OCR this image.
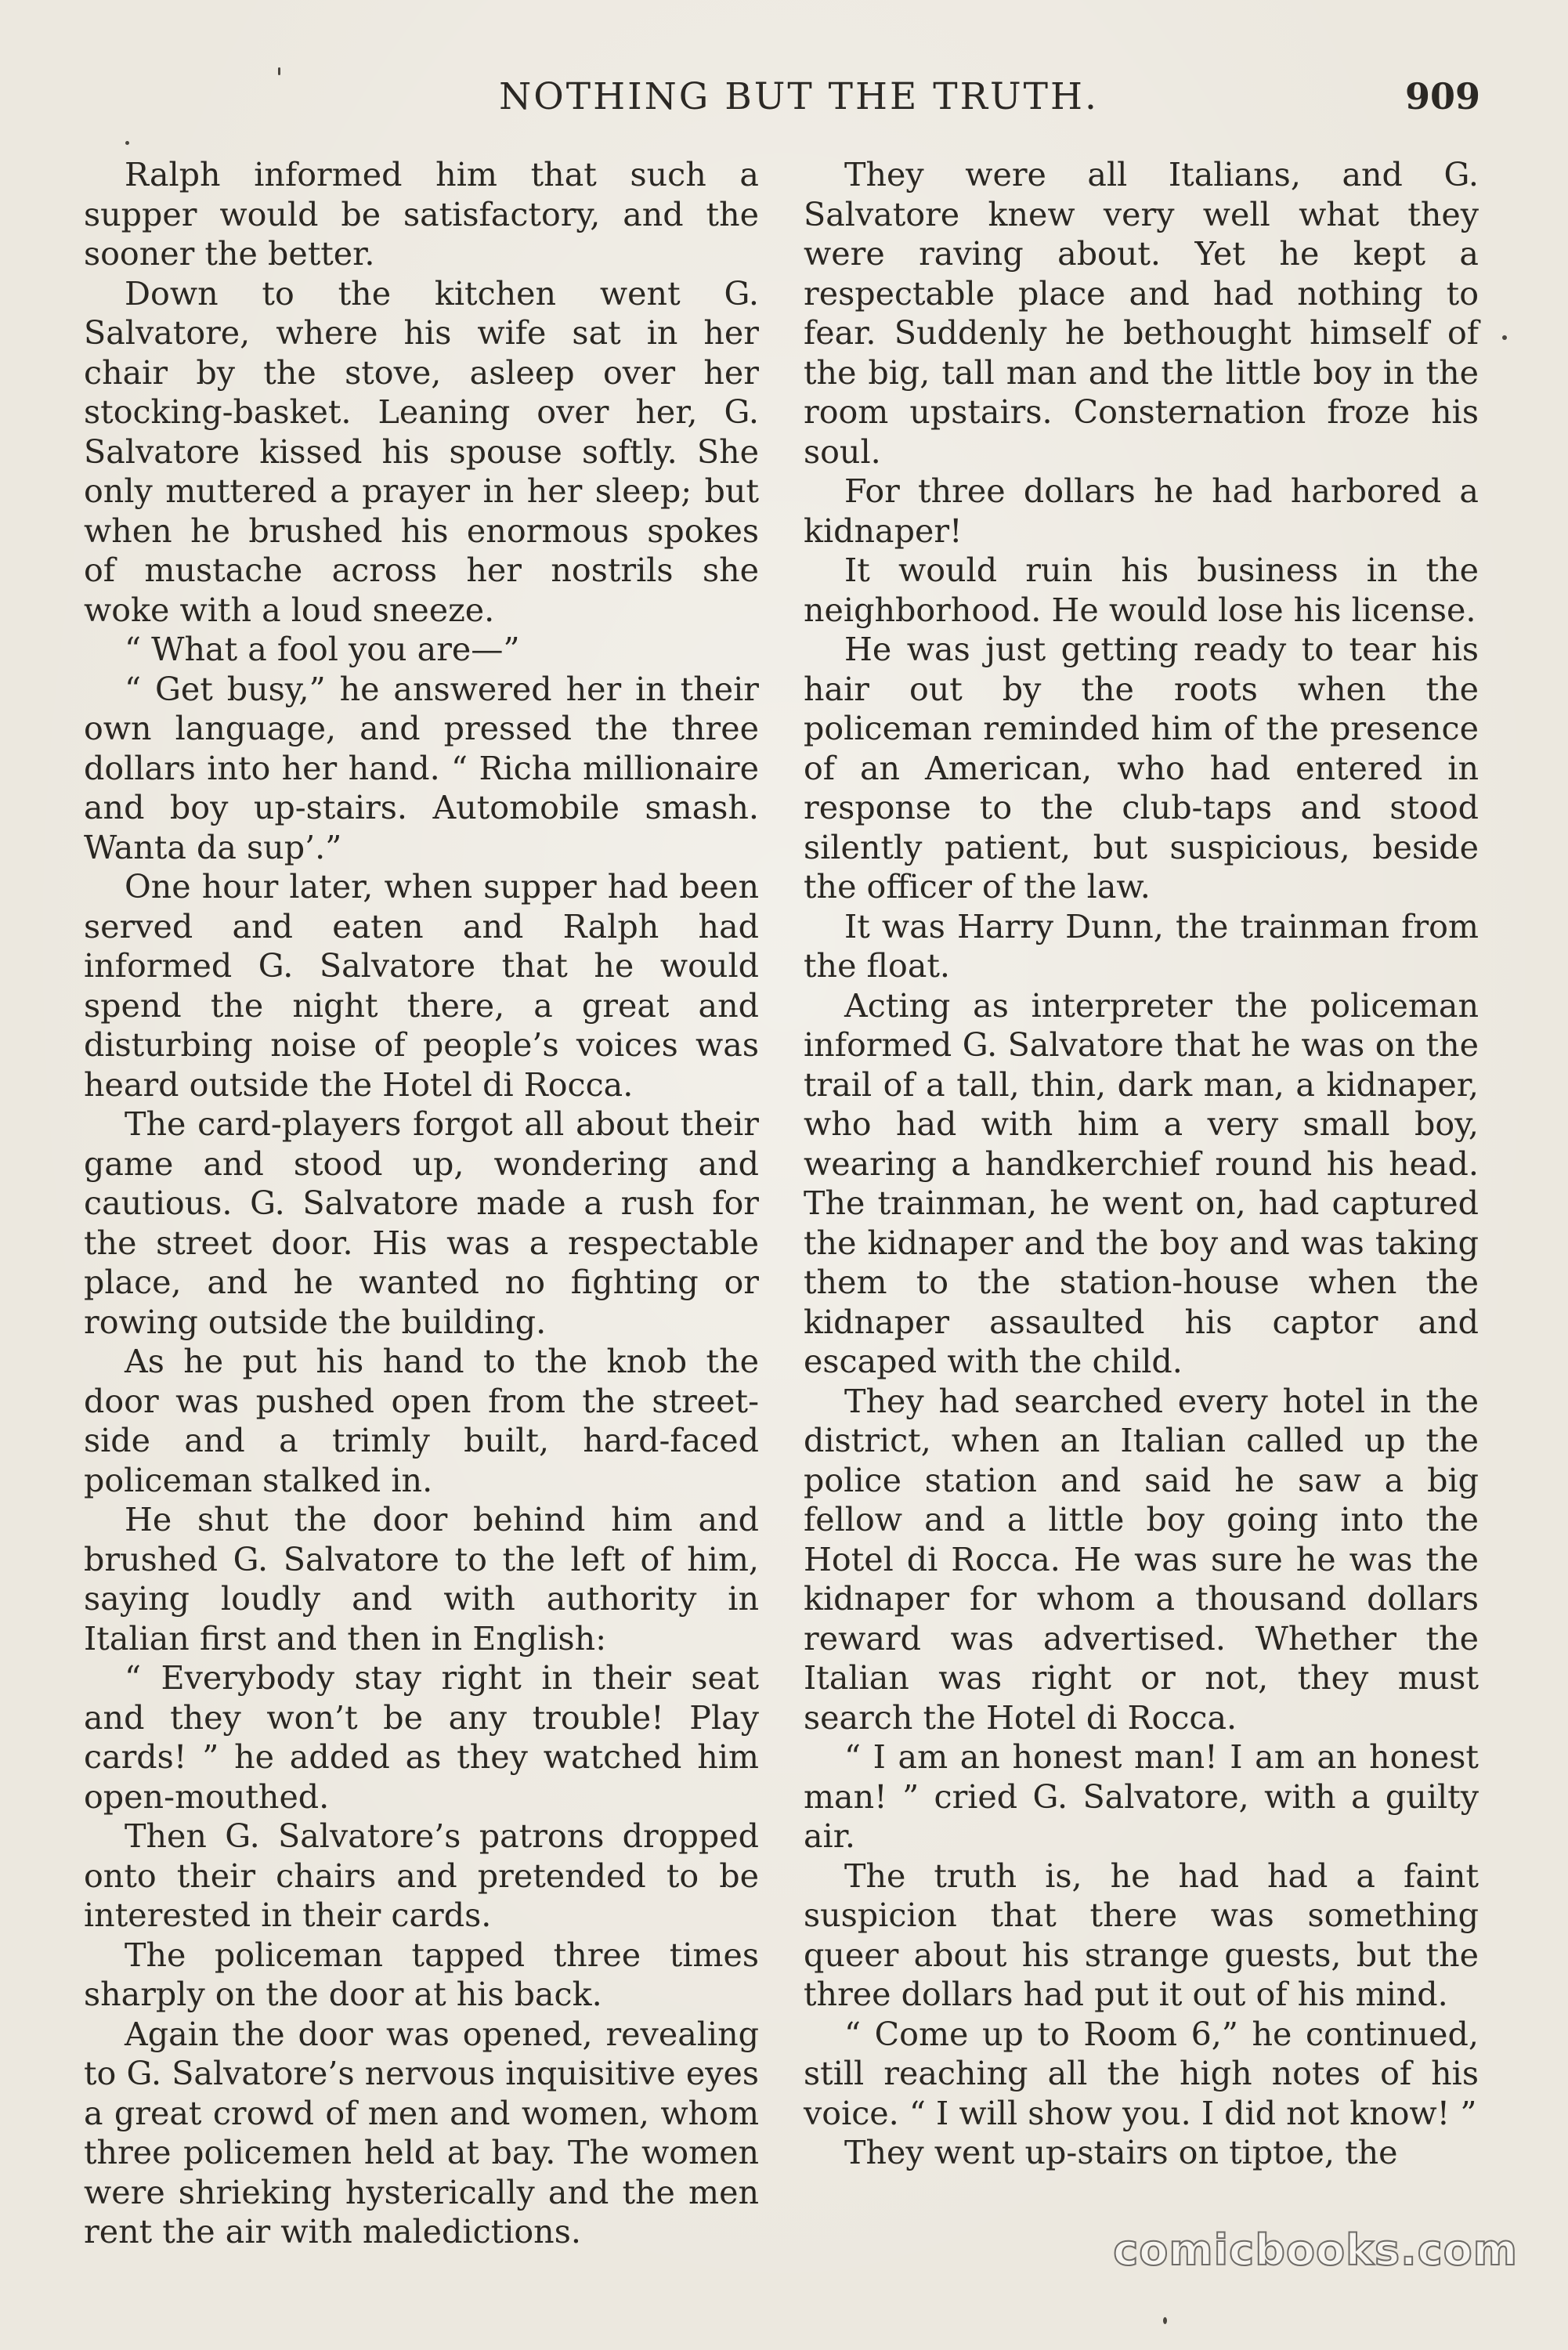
NOTHING BUT THE TRUTH.	909

Ralph informed him that such a supper would be satisfactory, and the sooner the better.

Down to the kitchen went G. Salvatore, where his wife sat in her chair by the stove, asleep over her stocking-basket. Leaning over her, G. Salvatore kissed his spouse softly. She only muttered a prayer in her sleep; but when he brushed his enormous spokes of mustache across her nostrils she woke with a loud sneeze.

“ What a fool you are—”

“ Get busy,” he answered her in their own language, and pressed the three dollars into her hand. “ Richa millionaire and boy up-stairs. Automobile smash. Wanta da sup’.”

One hour later, when supper had been served and eaten and Ralph had informed G. Salvatore that he would spend the night there, a great and disturbing noise of people’s voices was heard outside the Hotel di Rocca.

The card-players forgot all about their game and stood up, wondering and cautious. G. Salvatore made a rush for the street door. His was a respectable place, and he wanted no fighting or rowing outside the building.

As he put his hand to the knob the door was pushed open from the street-side and a trimly built, hard-faced policeman stalked in.

He shut the door behind him and brushed G. Salvatore to the left of him, saying loudly and with authority in Italian first and then in English:

“ Everybody stay right in their seat and they won’t be any trouble! Play cards! ” he added as they watched him open-mouthed.

Then G. Salvatore’s patrons dropped onto their chairs and pretended to be interested in their cards.

The policeman tapped three times sharply on the door at his back.

Again the door was opened, revealing to G. Salvatore’s nervous inquisitive eyes a great crowd of men and women, whom three policemen held at bay. The women were shrieking hysterically and the men rent the air with maledictions.

They were all Italians, and G. Salvatore knew very well what they were raving about. Yet he kept a respectable place and had nothing to fear. Suddenly he bethought himself of the big, tall man and the little boy in the room upstairs. Consternation froze his soul.

For three dollars he had harbored a kidnaper!

It would ruin his business in the neighborhood. He would lose his license.

He was just getting ready to tear his hair out by the roots when the policeman reminded him of the presence of an American, who had entered in response to the club-taps and stood silently patient, but suspicious, beside the officer of the law.

It was Harry Dunn, the trainman from the float.

Acting as interpreter the policeman informed G. Salvatore that he was on the trail of a tall, thin, dark man, a kidnaper, who had with him a very small boy, wearing a handkerchief round his head. The trainman, he went on, had captured the kidnaper and the boy and was taking them to the station-house when the kidnaper assaulted his captor and escaped with the child.

They had searched every hotel in the district, when an Italian called up the police station and said he saw a big fellow and a little boy going into the Hotel di Rocca. He was sure he was the kidnaper for whom a thousand dollars reward was advertised. Whether the Italian was right or not, they must search the Hotel di Rocca.

“ I am an honest man! I am an honest man! ” cried G. Salvatore, with a guilty air.

The truth is, he had had a faint suspicion that there was something queer about his strange guests, but the three dollars had put it out of his mind.

“ Come up to Room 6,” he continued, still reaching all the high notes of his voice. “ I will show you. I did not know! ”

They went up-stairs on tiptoe, the

comicbooks.com
